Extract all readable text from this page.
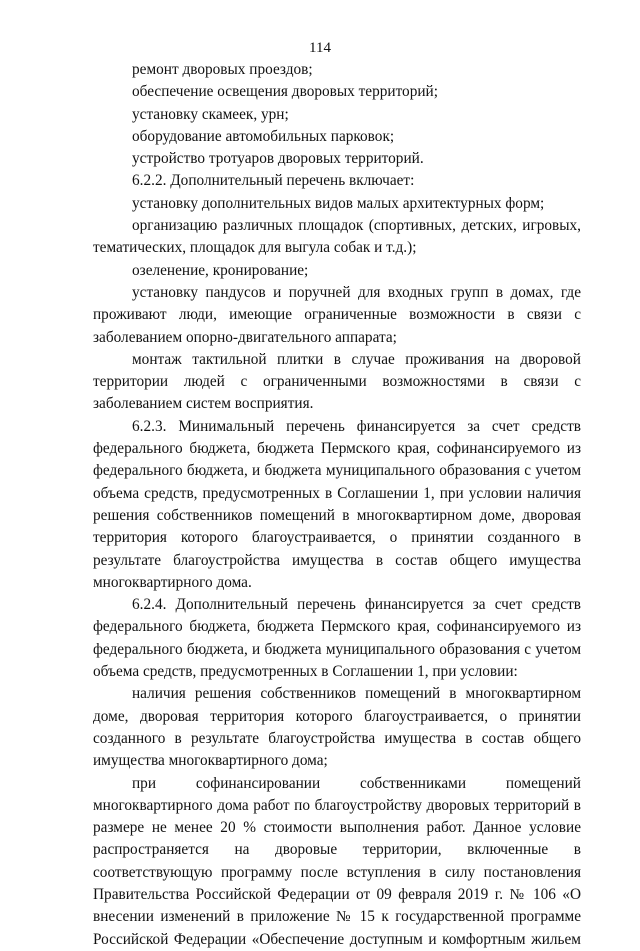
114

ремонт дворовых проездов;

обеспечение освещения дворовых территорий;

установку скамеек, урн;

оборудование автомобильных парковок;

устройство тротуаров дворовых территорий.

6.2.2. Дополнительный перечень включает:

установку дополнительных видов малых архитектурных форм;

организацию различных площадок (спортивных, детских, игровых, тематических, площадок для выгула собак и т.д.);

озеленение, кронирование;

установку пандусов и поручней для входных групп в домах, где проживают люди, имеющие ограниченные возможности в связи с заболеванием опорно-двигательного аппарата;

монтаж тактильной плитки в случае проживания на дворовой территории людей с ограниченными возможностями в связи с заболеванием систем восприятия.

6.2.3. Минимальный перечень финансируется за счет средств федерального бюджета, бюджета Пермского края, софинансируемого из федерального бюджета, и бюджета муниципального образования с учетом объема средств, предусмотренных в Соглашении 1, при условии наличия решения собственников помещений в многоквартирном доме, дворовая территория которого благоустраивается, о принятии созданного в результате благоустройства имущества в состав общего имущества многоквартирного дома.

6.2.4. Дополнительный перечень финансируется за счет средств федерального бюджета, бюджета Пермского края, софинансируемого из федерального бюджета, и бюджета муниципального образования с учетом объема средств, предусмотренных в Соглашении 1, при условии:

наличия решения собственников помещений в многоквартирном доме, дворовая территория которого благоустраивается, о принятии созданного в результате благоустройства имущества в состав общего имущества многоквартирного дома;

при софинансировании собственниками помещений многоквартирного дома работ по благоустройству дворовых территорий в размере не менее 20 % стоимости выполнения работ. Данное условие распространяется на дворовые территории, включенные в соответствующую программу после вступления в силу постановления Правительства Российской Федерации от 09 февраля 2019 г. № 106 «О внесении изменений в приложение № 15 к государственной программе Российской Федерации «Обеспечение доступным и комфортным жильем
